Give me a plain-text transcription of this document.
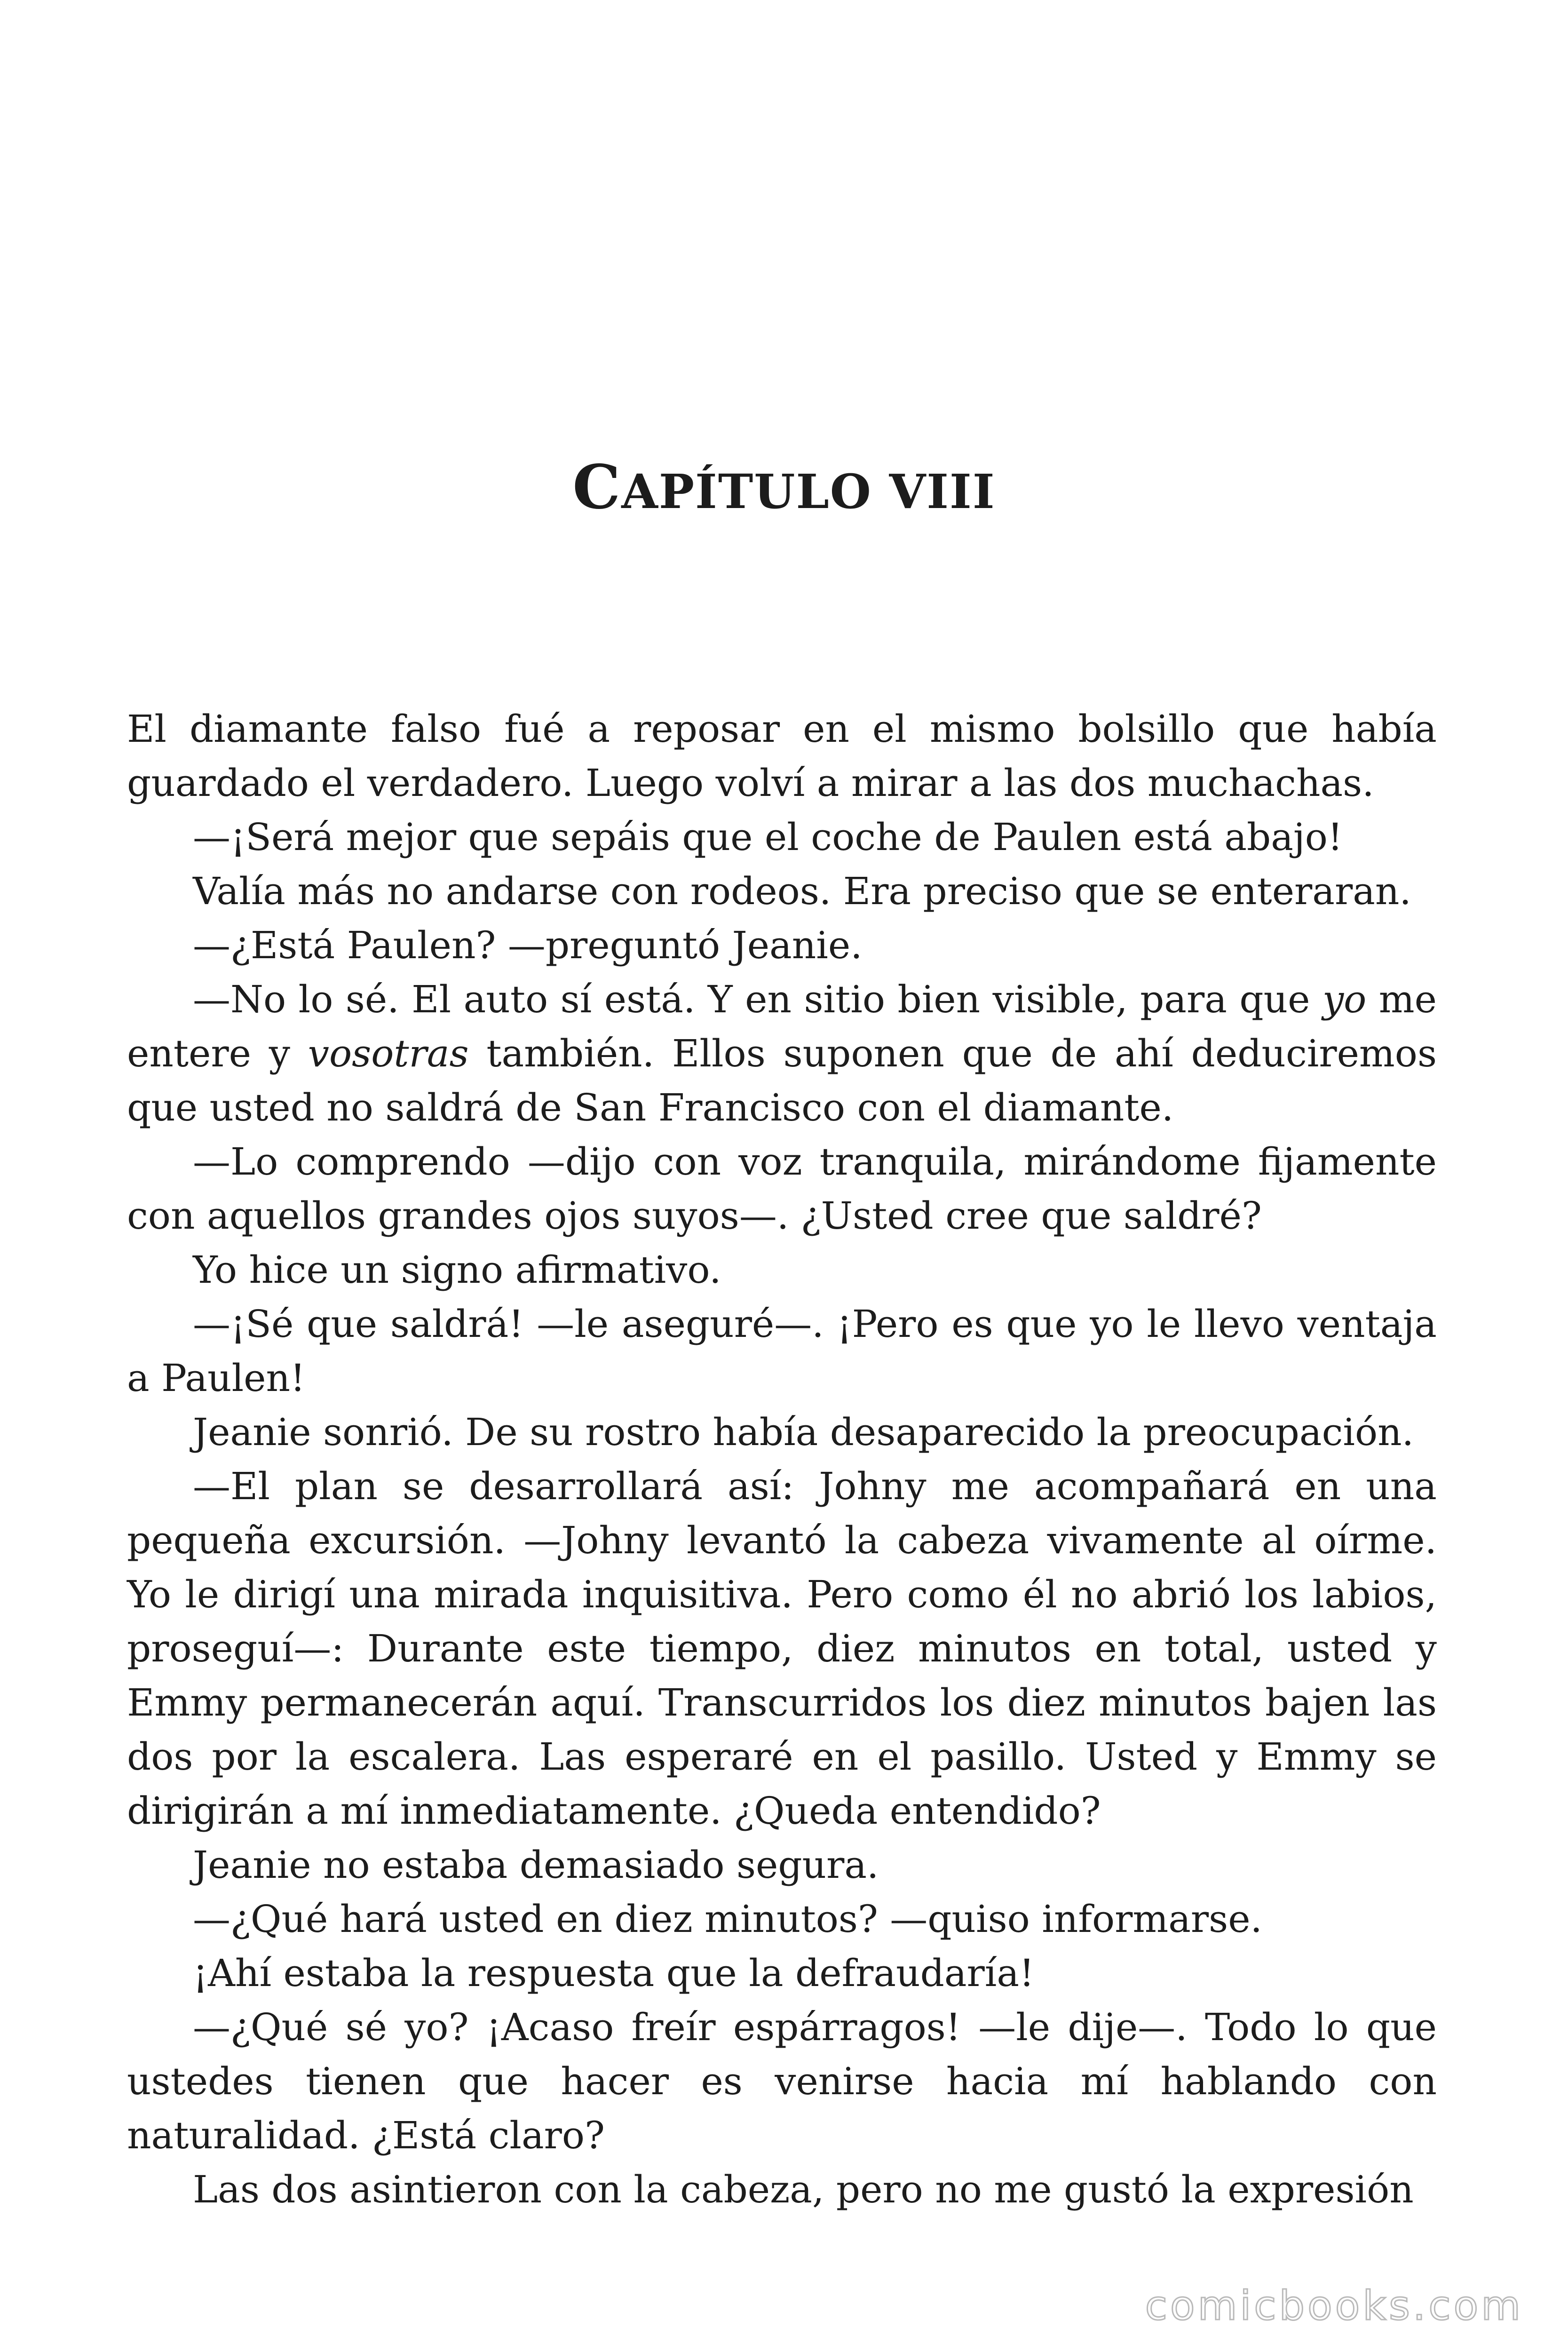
CAPÍTULO VIII

El diamante falso fué a reposar en el mismo bolsillo que había guardado el verdadero. Luego volví a mirar a las dos muchachas.

—¡Será mejor que sepáis que el coche de Paulen está abajo!

Valía más no andarse con rodeos. Era preciso que se enteraran.

—¿Está Paulen? —preguntó Jeanie.

—No lo sé. El auto sí está. Y en sitio bien visible, para que yo me entere y vosotras también. Ellos suponen que de ahí deduciremos que usted no saldrá de San Francisco con el diamante.

—Lo comprendo —dijo con voz tranquila, mirándome fijamente con aquellos grandes ojos suyos—. ¿Usted cree que saldré?

Yo hice un signo afirmativo.

—¡Sé que saldrá! —le aseguré—. ¡Pero es que yo le llevo ventaja a Paulen!

Jeanie sonrió. De su rostro había desaparecido la preocupación.

—El plan se desarrollará así: Johny me acompañará en una pequeña excursión. —Johny levantó la cabeza vivamente al oírme. Yo le dirigí una mirada inquisitiva. Pero como él no abrió los labios, proseguí—: Durante este tiempo, diez minutos en total, usted y Emmy permanecerán aquí. Transcurridos los diez minutos bajen las dos por la escalera. Las esperaré en el pasillo. Usted y Emmy se dirigirán a mí inmediatamente. ¿Queda entendido?

Jeanie no estaba demasiado segura.

—¿Qué hará usted en diez minutos? —quiso informarse.

¡Ahí estaba la respuesta que la defraudaría!

—¿Qué sé yo? ¡Acaso freír espárragos! —le dije—. Todo lo que ustedes tienen que hacer es venirse hacia mí hablando con naturalidad. ¿Está claro?

Las dos asintieron con la cabeza, pero no me gustó la expresión

comicbooks.com
